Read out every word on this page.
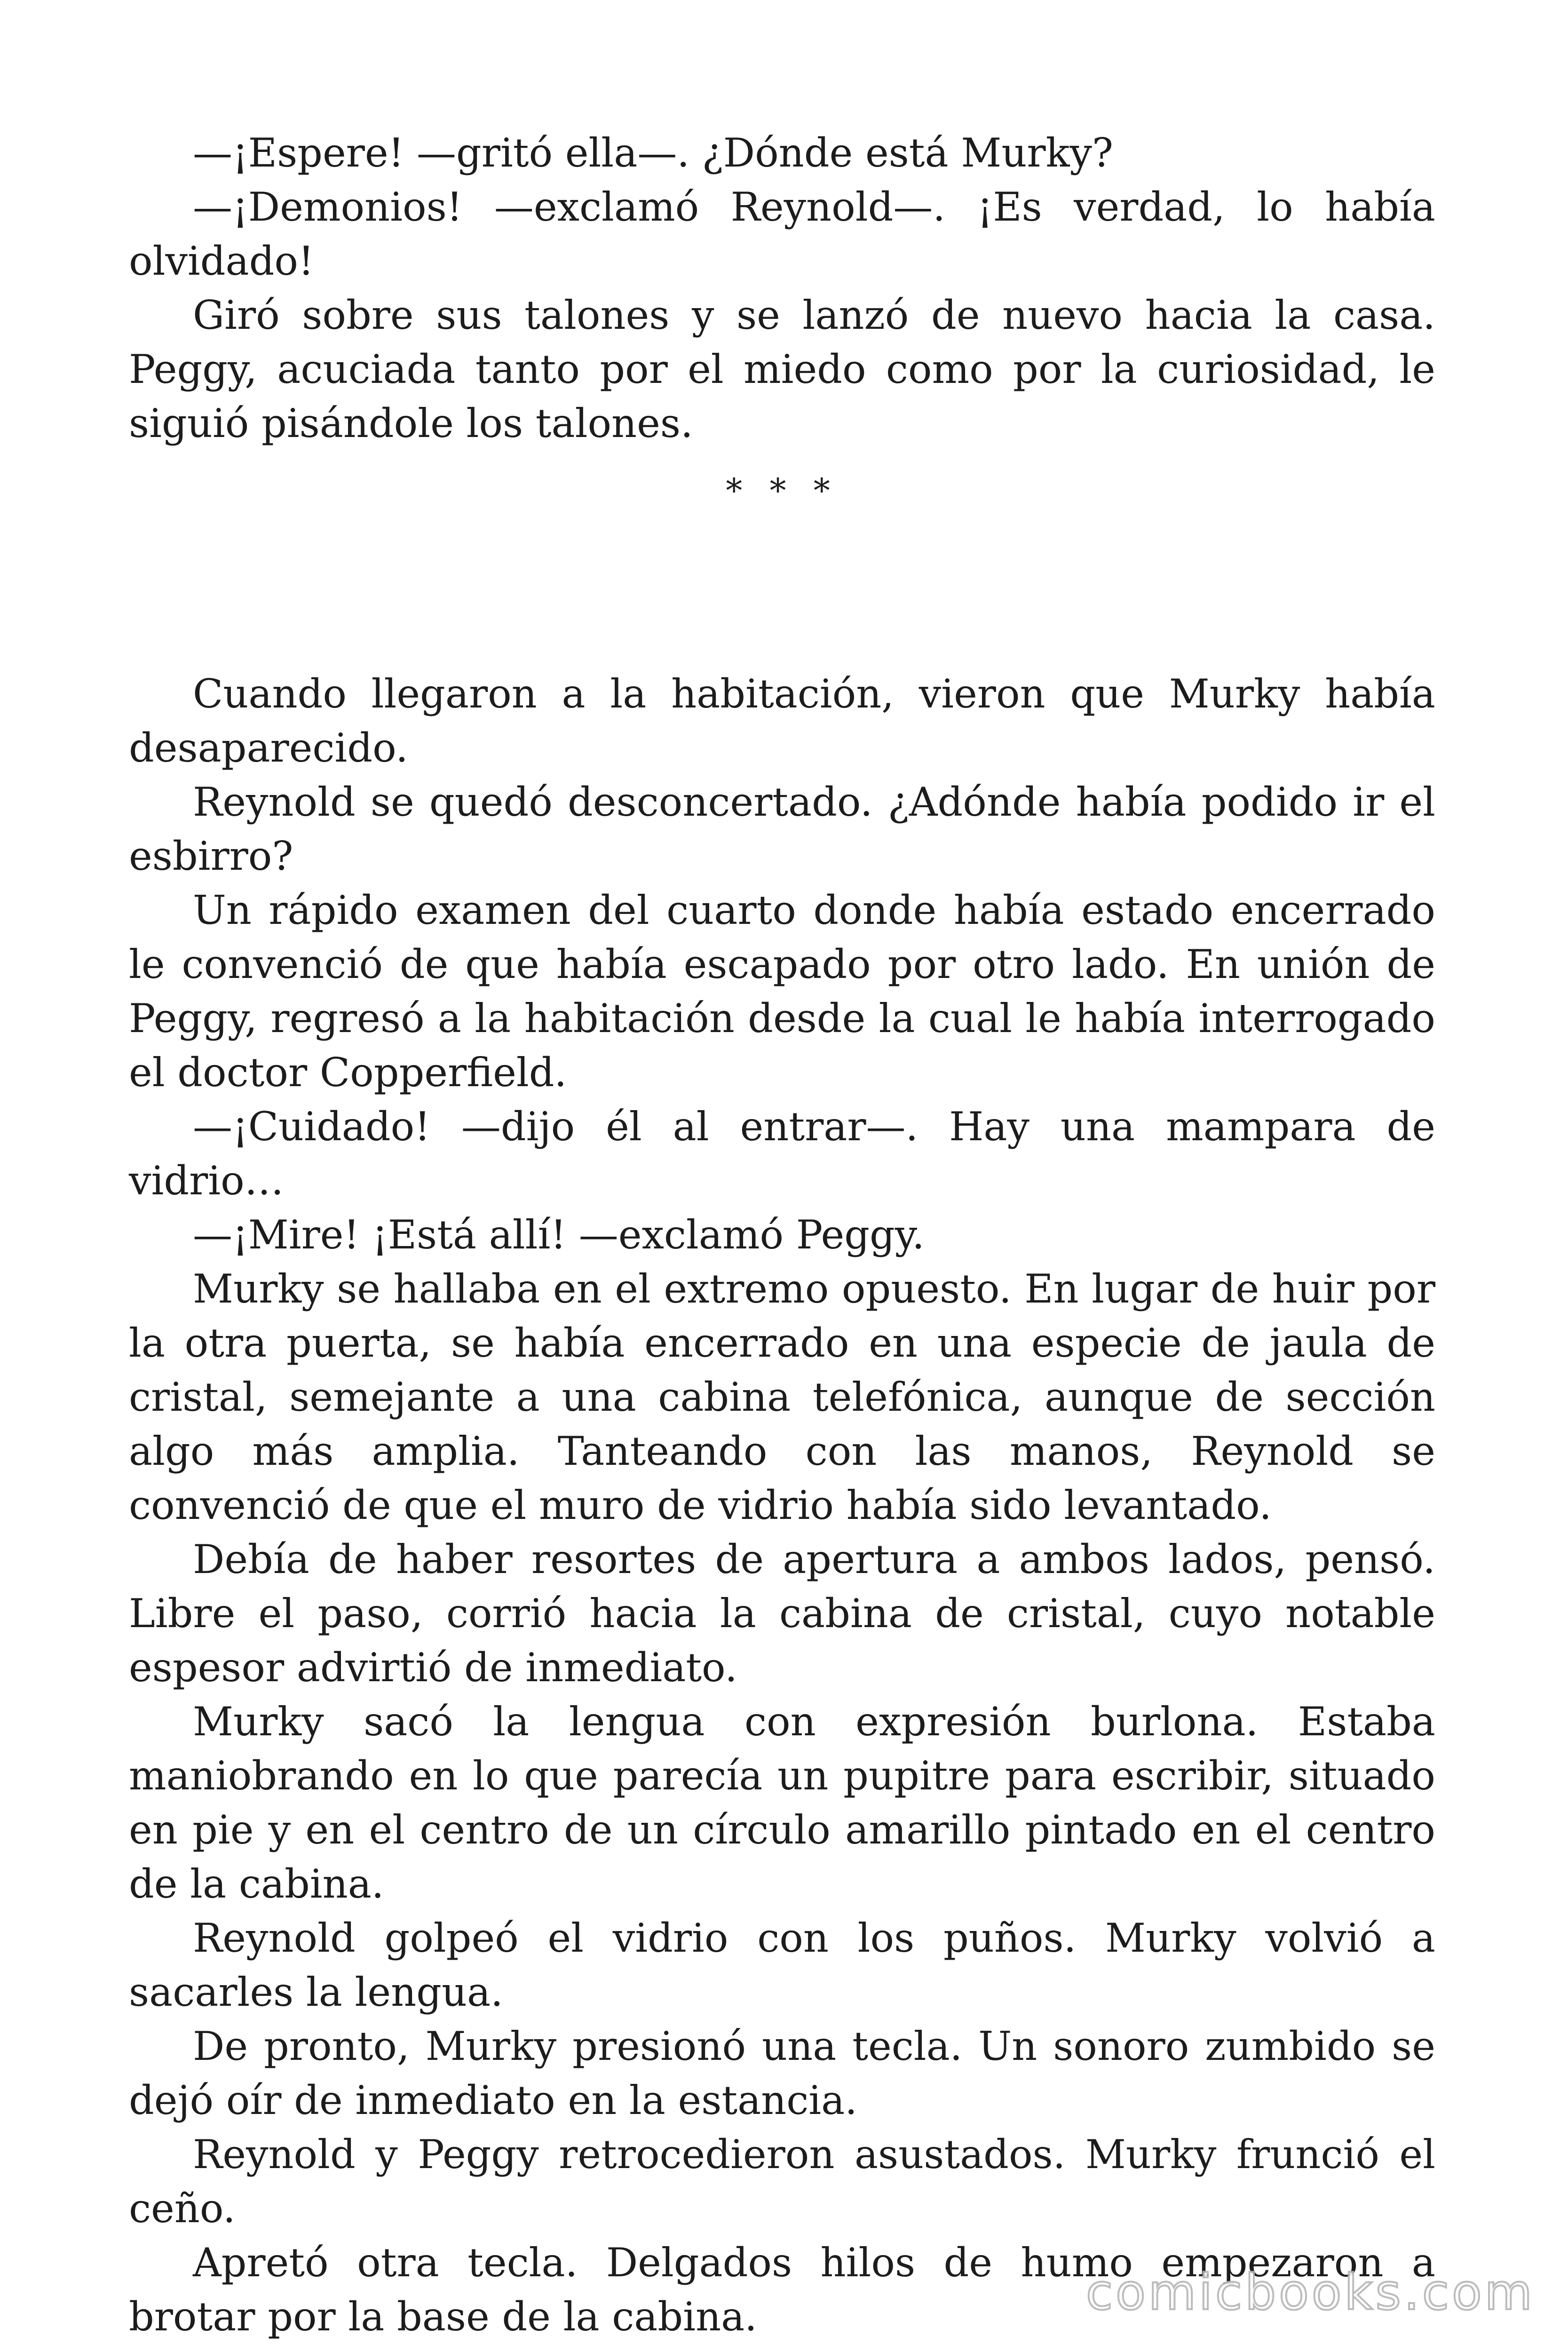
—¡Espere! —gritó ella—. ¿Dónde está Murky?

—¡Demonios! —exclamó Reynold—. ¡Es verdad, lo había olvidado!

Giró sobre sus talones y se lanzó de nuevo hacia la casa. Peggy, acuciada tanto por el miedo como por la curiosidad, le siguió pisándole los talones.

* * *

Cuando llegaron a la habitación, vieron que Murky había desaparecido.

Reynold se quedó desconcertado. ¿Adónde había podido ir el esbirro?

Un rápido examen del cuarto donde había estado encerrado le convenció de que había escapado por otro lado. En unión de Peggy, regresó a la habitación desde la cual le había interrogado el doctor Copperfield.

—¡Cuidado! —dijo él al entrar—. Hay una mampara de vidrio…

—¡Mire! ¡Está allí! —exclamó Peggy.

Murky se hallaba en el extremo opuesto. En lugar de huir por la otra puerta, se había encerrado en una especie de jaula de cristal, semejante a una cabina telefónica, aunque de sección algo más amplia. Tanteando con las manos, Reynold se convenció de que el muro de vidrio había sido levantado.

Debía de haber resortes de apertura a ambos lados, pensó. Libre el paso, corrió hacia la cabina de cristal, cuyo notable espesor advirtió de inmediato.

Murky sacó la lengua con expresión burlona. Estaba maniobrando en lo que parecía un pupitre para escribir, situado en pie y en el centro de un círculo amarillo pintado en el centro de la cabina.

Reynold golpeó el vidrio con los puños. Murky volvió a sacarles la lengua.

De pronto, Murky presionó una tecla. Un sonoro zumbido se dejó oír de inmediato en la estancia.

Reynold y Peggy retrocedieron asustados. Murky frunció el ceño.

Apretó otra tecla. Delgados hilos de humo empezaron a brotar por la base de la cabina.	comicbooks.com
